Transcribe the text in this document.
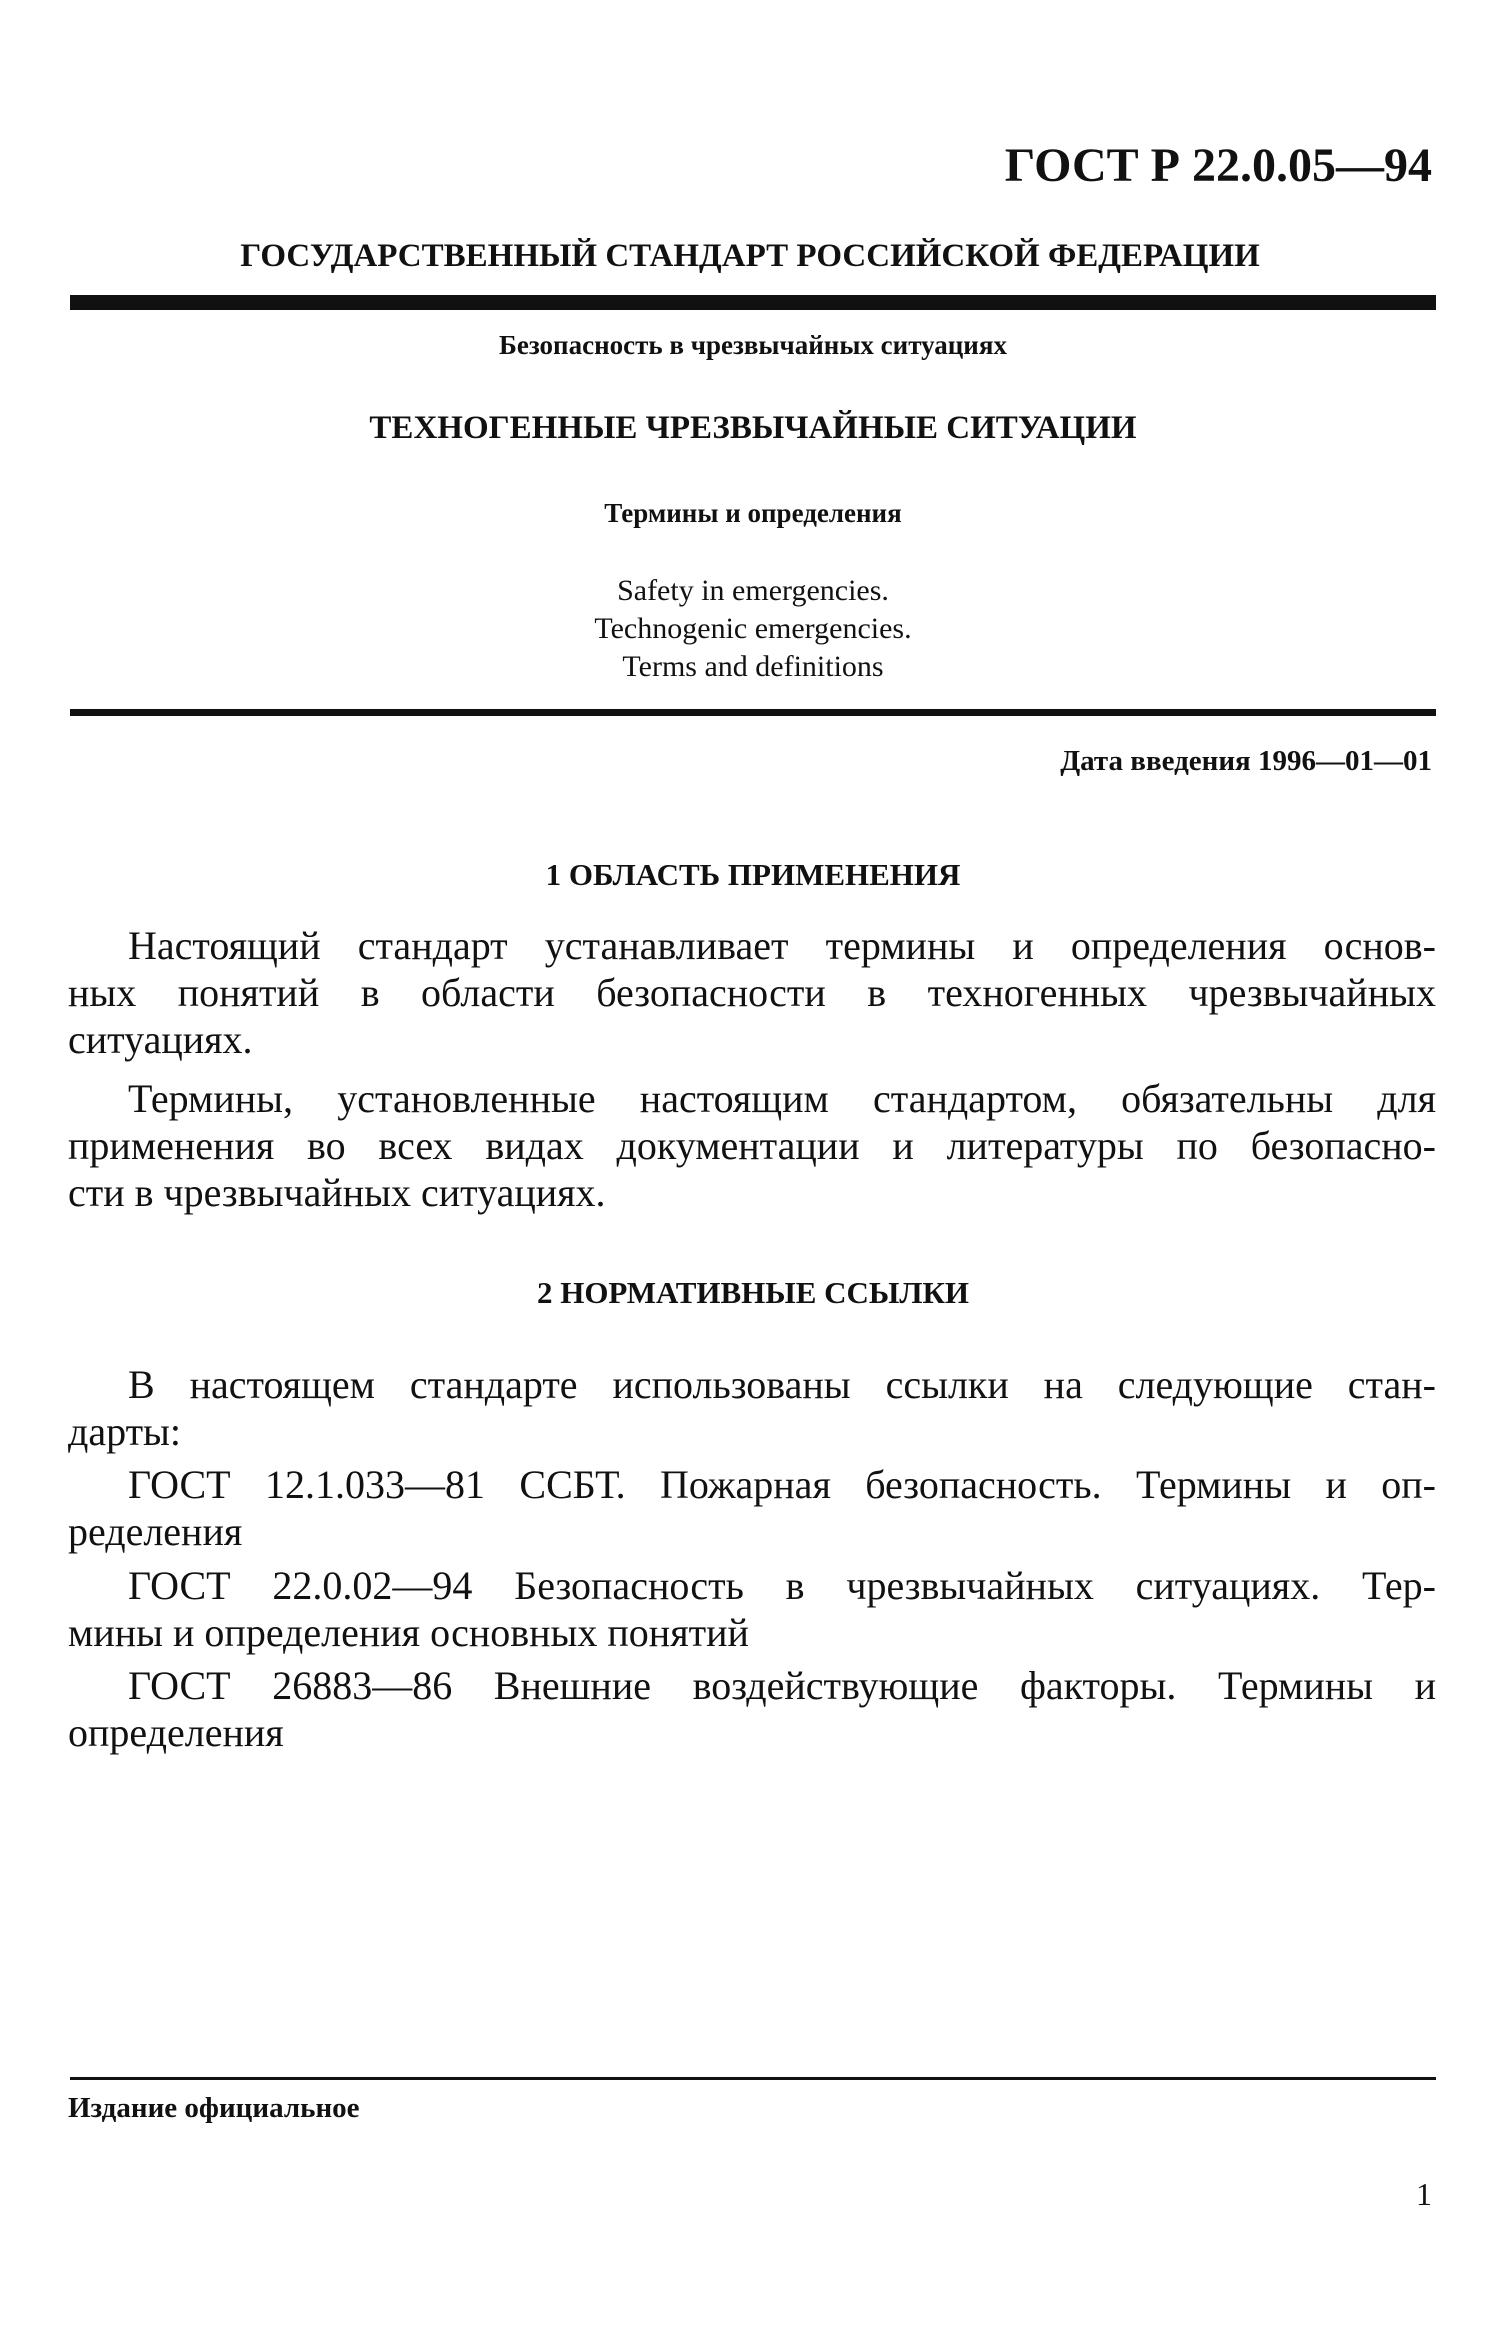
ГОСТ Р 22.0.05—94
ГОСУДАРСТВЕННЫЙ СТАНДАРТ РОССИЙСКОЙ ФЕДЕРАЦИИ
Безопасность в чрезвычайных ситуациях
ТЕХНОГЕННЫЕ ЧРЕЗВЫЧАЙНЫЕ СИТУАЦИИ
Термины и определения
Safety in emergencies.
Technogenic emergencies.
Terms and definitions
Дата введения 1996—01—01
1 ОБЛАСТЬ ПРИМЕНЕНИЯ
Настоящий стандарт устанавливает термины и определения основ-
ных понятий в области безопасности в техногенных чрезвычайных
ситуациях.
Термины, установленные настоящим стандартом, обязательны для
применения во всех видах документации и литературы по безопасно-
сти в чрезвычайных ситуациях.
2 НОРМАТИВНЫЕ ССЫЛКИ
В настоящем стандарте использованы ссылки на следующие стан-
дарты:
ГОСТ 12.1.033—81 ССБТ. Пожарная безопасность. Термины и оп-
ределения
ГОСТ 22.0.02—94 Безопасность в чрезвычайных ситуациях. Тер-
мины и определения основных понятий
ГОСТ 26883—86 Внешние воздействующие факторы. Термины и
определения
Издание официальное
1
